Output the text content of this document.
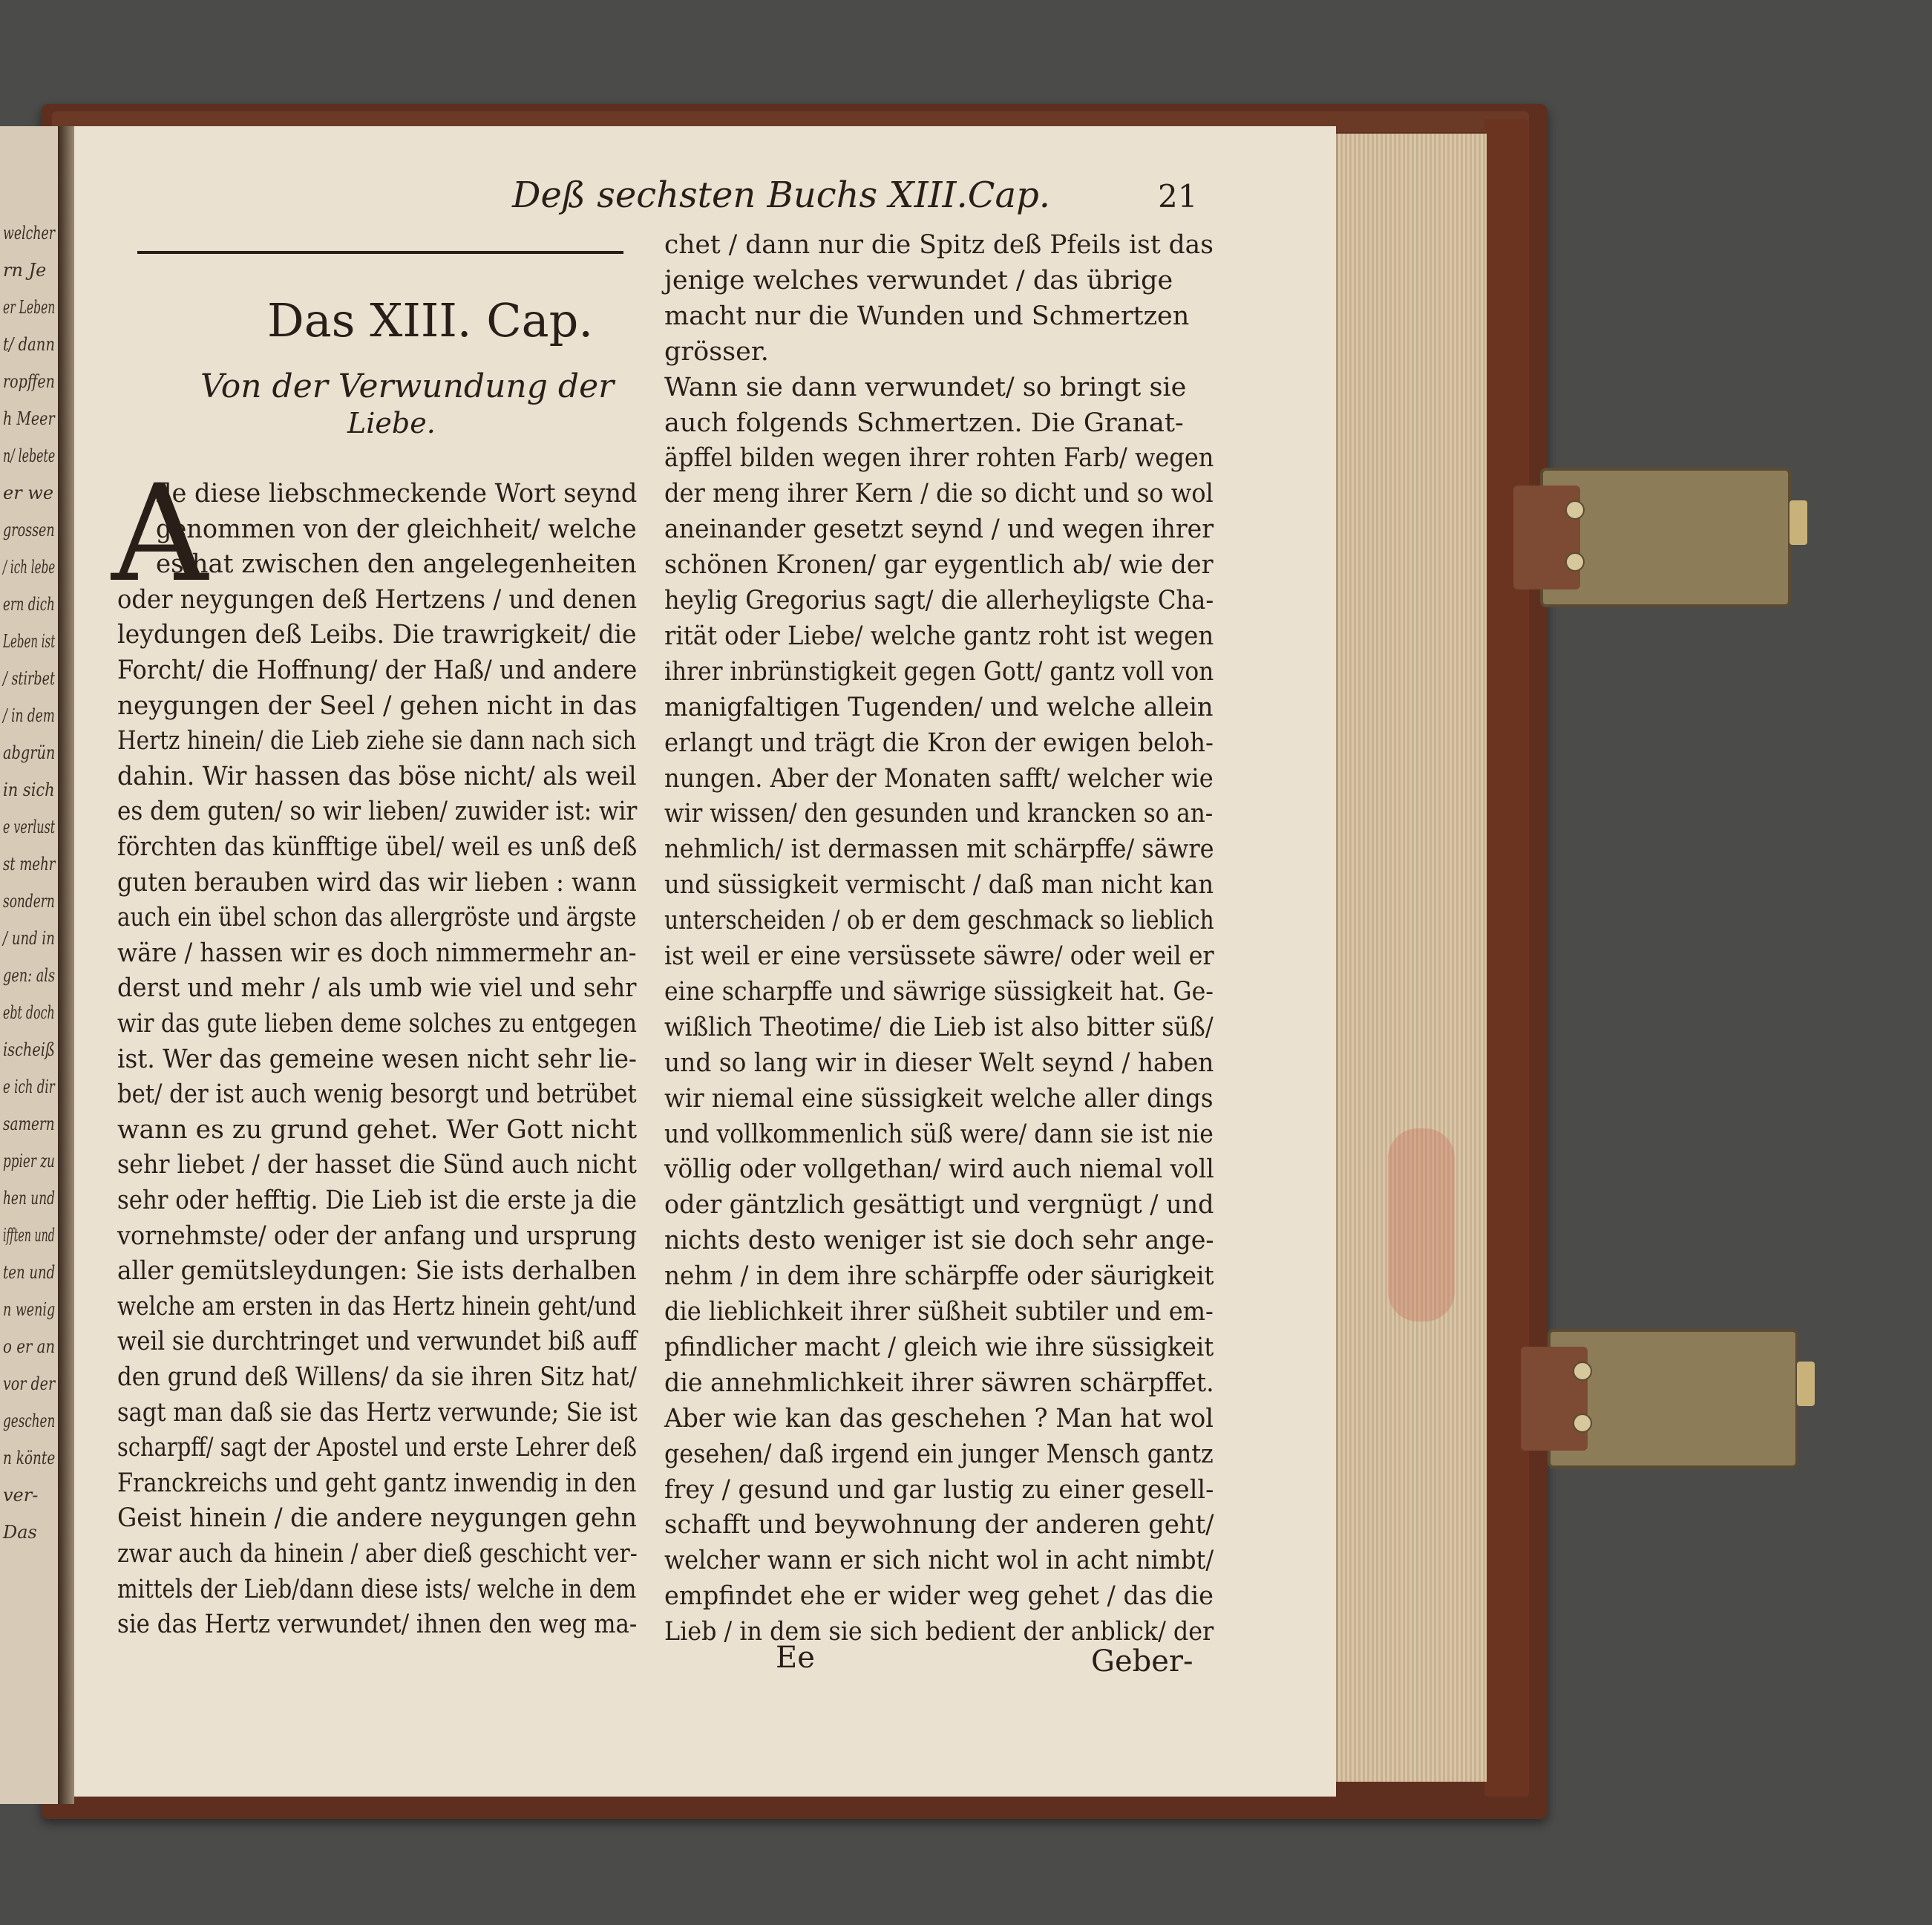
welcher

rn Je

er Leben

t/ dann

ropffen

h Meer

n/ lebete

er we

grossen

/ ich lebe

ern dich

Leben ist

/ stirbet

/ in dem

abgrün

in sich

e verlust

st mehr

sondern

/ und in

gen: als

ebt doch

ischeiß

e ich dir

samern

ppier zu

hen und

ifften und

ten und

n wenig

o er an

vor der

geschen

n könte

ver-

Das

Deß sechsten Buchs XIII.Cap.	21

Das XIII. Cap.

Von der Verwundung der

Liebe.

A

lle diese liebschmeckende Wort seynd

genommen von der gleichheit/ welche

es hat zwischen den angelegenheiten

oder neygungen deß Hertzens / und denen

leydungen deß Leibs. Die trawrigkeit/ die

Forcht/ die Hoffnung/ der Haß/ und andere

neygungen der Seel / gehen nicht in das

Hertz hinein/ die Lieb ziehe sie dann nach sich

dahin. Wir hassen das böse nicht/ als weil

es dem guten/ so wir lieben/ zuwider ist: wir

förchten das künfftige übel/ weil es unß deß

guten berauben wird das wir lieben : wann

auch ein übel schon das allergröste und ärgste

wäre / hassen wir es doch nimmermehr an-

derst und mehr / als umb wie viel und sehr

wir das gute lieben deme solches zu entgegen

ist. Wer das gemeine wesen nicht sehr lie-

bet/ der ist auch wenig besorgt und betrübet

wann es zu grund gehet. Wer Gott nicht

sehr liebet / der hasset die Sünd auch nicht

sehr oder hefftig. Die Lieb ist die erste ja die

vornehmste/ oder der anfang und ursprung

aller gemütsleydungen: Sie ists derhalben

welche am ersten in das Hertz hinein geht/und

weil sie durchtringet und verwundet biß auff

den grund deß Willens/ da sie ihren Sitz hat/

sagt man daß sie das Hertz verwunde; Sie ist

scharpff/ sagt der Apostel und erste Lehrer deß

Franckreichs und geht gantz inwendig in den

Geist hinein / die andere neygungen gehn

zwar auch da hinein / aber dieß geschicht ver-

mittels der Lieb/dann diese ists/ welche in dem

sie das Hertz verwundet/ ihnen den weg ma-

chet / dann nur die Spitz deß Pfeils ist das

jenige welches verwundet / das übrige

macht nur die Wunden und Schmertzen

grösser.

Wann sie dann verwundet/ so bringt sie

auch folgends Schmertzen. Die Granat-

äpffel bilden wegen ihrer rohten Farb/ wegen

der meng ihrer Kern / die so dicht und so wol

aneinander gesetzt seynd / und wegen ihrer

schönen Kronen/ gar eygentlich ab/ wie der

heylig Gregorius sagt/ die allerheyligste Cha-

rität oder Liebe/ welche gantz roht ist wegen

ihrer inbrünstigkeit gegen Gott/ gantz voll von

manigfaltigen Tugenden/ und welche allein

erlangt und trägt die Kron der ewigen beloh-

nungen. Aber der Monaten safft/ welcher wie

wir wissen/ den gesunden und krancken so an-

nehmlich/ ist dermassen mit schärpffe/ säwre

und süssigkeit vermischt / daß man nicht kan

unterscheiden / ob er dem geschmack so lieblich

ist weil er eine versüssete säwre/ oder weil er

eine scharpffe und säwrige süssigkeit hat. Ge-

wißlich Theotime/ die Lieb ist also bitter süß/

und so lang wir in dieser Welt seynd / haben

wir niemal eine süssigkeit welche aller dings

und vollkommenlich süß were/ dann sie ist nie

völlig oder vollgethan/ wird auch niemal voll

oder gäntzlich gesättigt und vergnügt / und

nichts desto weniger ist sie doch sehr ange-

nehm / in dem ihre schärpffe oder säurigkeit

die lieblichkeit ihrer süßheit subtiler und em-

pfindlicher macht / gleich wie ihre süssigkeit

die annehmlichkeit ihrer säwren schärpffet.

Aber wie kan das geschehen ? Man hat wol

gesehen/ daß irgend ein junger Mensch gantz

frey / gesund und gar lustig zu einer gesell-

schafft und beywohnung der anderen geht/

welcher wann er sich nicht wol in acht nimbt/

empfindet ehe er wider weg gehet / das die

Lieb / in dem sie sich bedient der anblick/ der

Ee	Geber-
